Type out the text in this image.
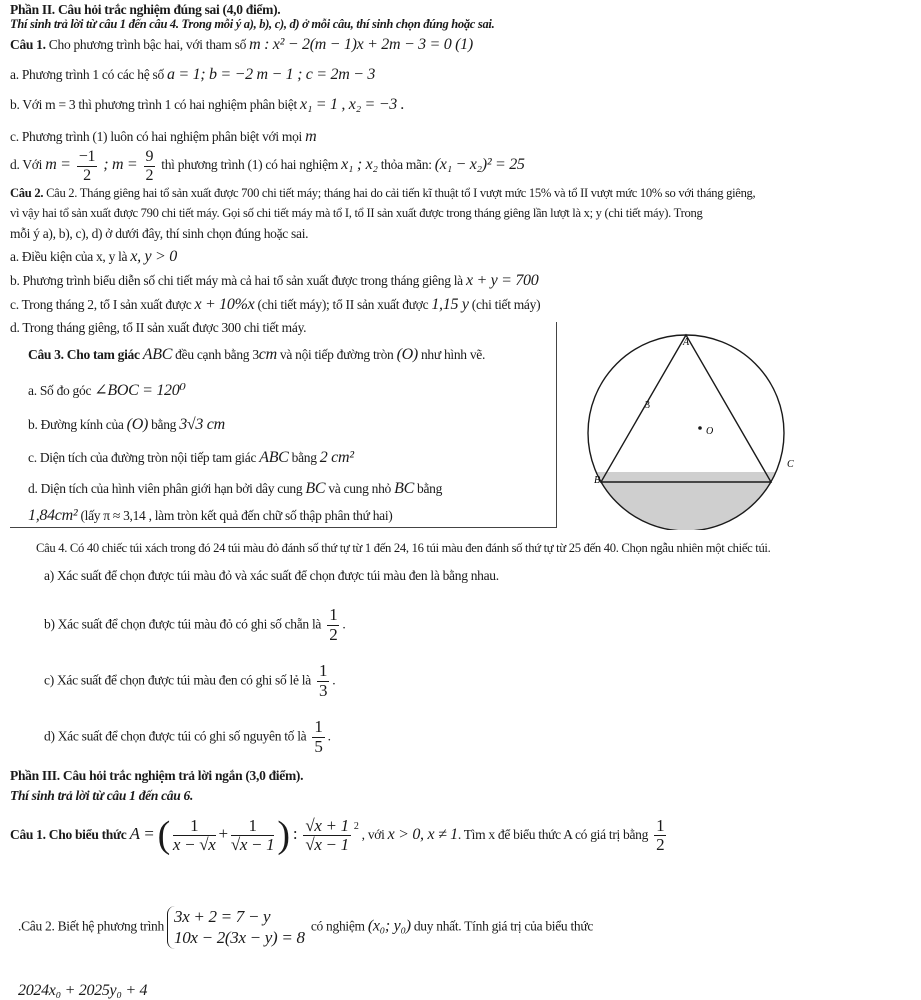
Phần II. Câu hỏi trắc nghiệm đúng sai (4,0 điểm).
Thí sinh trả lời từ câu 1 đến câu 4. Trong mỗi ý a), b), c), d) ở mỗi câu, thí sinh chọn đúng hoặc sai.
Câu 1. Cho phương trình bậc hai, với tham số m : x² − 2(m − 1)x + 2m − 3 = 0 (1)
a. Phương trình 1 có các hệ số a = 1; b = −2 m − 1 ; c = 2m − 3
b. Với m = 3 thì phương trình 1 có hai nghiệm phân biệt x₁ = 1 , x₂ = −3 .
c. Phương trình (1) luôn có hai nghiệm phân biệt với mọi m
d. Với $m = \frac{-1}{2}$ ; $m = \frac{9}{2}$ thì phương trình (1) có hai nghiệm x₁ ; x₂ thỏa mãn: (x₁ − x₂)² = 25
Câu 2. Câu 2. Tháng giêng hai tổ sản xuất được 700 chi tiết máy; tháng hai do cải tiến kĩ thuật tổ I vượt mức 15% và tổ II vượt mức 10% so với tháng giêng,
vì vậy hai tổ sản xuất được 790 chi tiết máy. Gọi số chi tiết máy mà tổ I, tổ II sản xuất được trong tháng giêng lần lượt là x; y (chi tiết máy). Trong
mỗi ý a), b), c), d) ở dưới đây, thí sinh chọn đúng hoặc sai.
a. Điều kiện của x, y là x, y > 0
b. Phương trình biểu diễn số chi tiết máy mà cả hai tổ sản xuất được trong tháng giêng là x + y = 700
c. Trong tháng 2, tổ I sản xuất được x + 10%x (chi tiết máy); tổ II sản xuất được 1,15 y (chi tiết máy)
d. Trong tháng giêng, tổ II sản xuất được 300 chi tiết máy.
Câu 3. Cho tam giác ABC đều cạnh bằng 3cm và nội tiếp đường tròn (O) như hình vẽ.
a. Số đo góc ∠BOC = 120⁰
b. Đường kính của (O) bằng 3√3 cm
c. Diện tích của đường tròn nội tiếp tam giác ABC bằng 2 cm²
d. Diện tích của hình viên phân giới hạn bởi dây cung BC và cung nhỏ BC bằng
1,84cm² (lấy π ≈ 3,14 , làm tròn kết quả đến chữ số thập phân thứ hai)
A
B
C
O
3
Câu 4. Có 40 chiếc túi xách trong đó 24 túi màu đỏ đánh số thứ tự từ 1 đến 24, 16 túi màu đen đánh số thứ tự từ 25 đến 40. Chọn ngẫu nhiên một chiếc túi.
a) Xác suất để chọn được túi màu đỏ và xác suất để chọn được túi màu đen là bằng nhau.
b) Xác suất để chọn được túi màu đỏ có ghi số chẵn là $\frac{1}{2}$ .
c) Xác suất để chọn được túi màu đen có ghi số lẻ là $\frac{1}{3}$ .
d) Xác suất để chọn được túi có ghi số nguyên tố là $\frac{1}{5}$ .
Phần III. Câu hỏi trắc nghiệm trả lời ngắn (3,0 điểm).
Thí sinh trả lời từ câu 1 đến câu 6.
Câu 1. Cho biểu thức A = ( $\frac{1}{x - √x} + \frac{1}{√x - 1}$ ) : $\frac{√x + 1}{√x - 1} ^2$ , với x > 0, x ≠ 1. Tìm x để biểu thức A có giá trị bằng $\frac{1}{2}$
.Câu 2. Biết hệ phương trình 3x + 2 = 7 − y
10x − 2(3x − y) = 8
có nghiệm (x₀; y₀) duy nhất. Tính giá trị của biểu thức
2024x₀ + 2025y₀ + 4
